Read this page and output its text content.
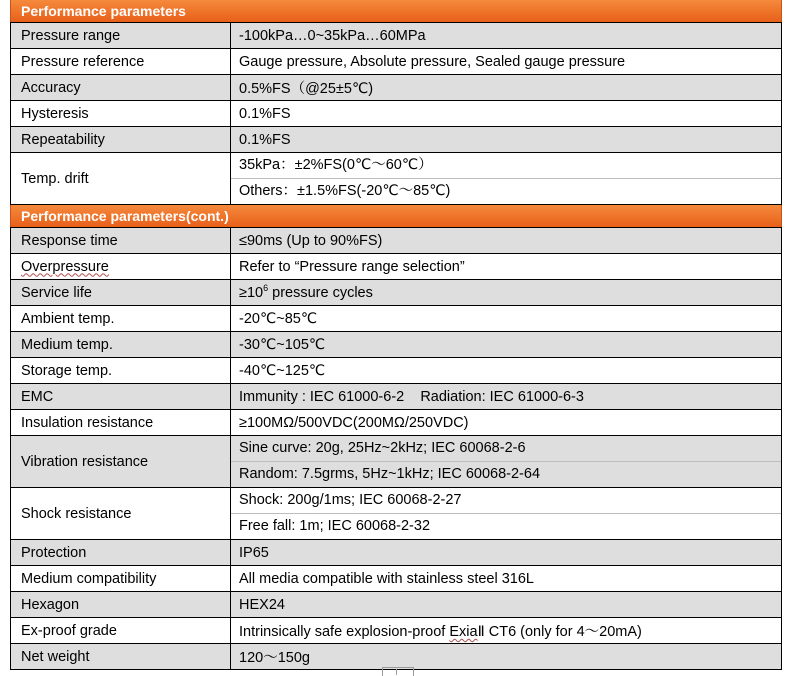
Performance parameters
Pressure range	-100kPa…0~35kPa…60MPa
Pressure reference	Gauge pressure, Absolute pressure, Sealed gauge pressure
Accuracy	0.5%FS（@25±5℃)
Hysteresis	0.1%FS
Repeatability	0.1%FS
Temp. drift	35kPa：±2%FS(0℃～60℃）
Others：±1.5%FS(-20℃～85℃)
Performance parameters(cont.)
Response time	≤90ms (Up to 90%FS)
Overpressure	Refer to “Pressure range selection”
Service life	$\ge 10^6$ pressure cycles
Ambient temp.	-20℃~85℃
Medium temp.	-30℃~105℃
Storage temp.	-40℃~125℃
EMC	Immunity : IEC 61000-6-2    Radiation: IEC 61000-6-3
Insulation resistance	≥100MΩ/500VDC(200MΩ/250VDC)
Vibration resistance	Sine curve: 20g, 25Hz~2kHz; IEC 60068-2-6
Random: 7.5grms, 5Hz~1kHz; IEC 60068-2-64

Shock resistance	Shock: 200g/1ms; IEC 60068-2-27
Free fall: 1m; IEC 60068-2-32

Protection	IP65
Medium compatibility	All media compatible with stainless steel 316L
Hexagon	HEX24
Ex-proof grade	Intrinsically safe explosion-proof ExiaⅡ CT6 (only for 4～20mA)
Net weight	120～150g
